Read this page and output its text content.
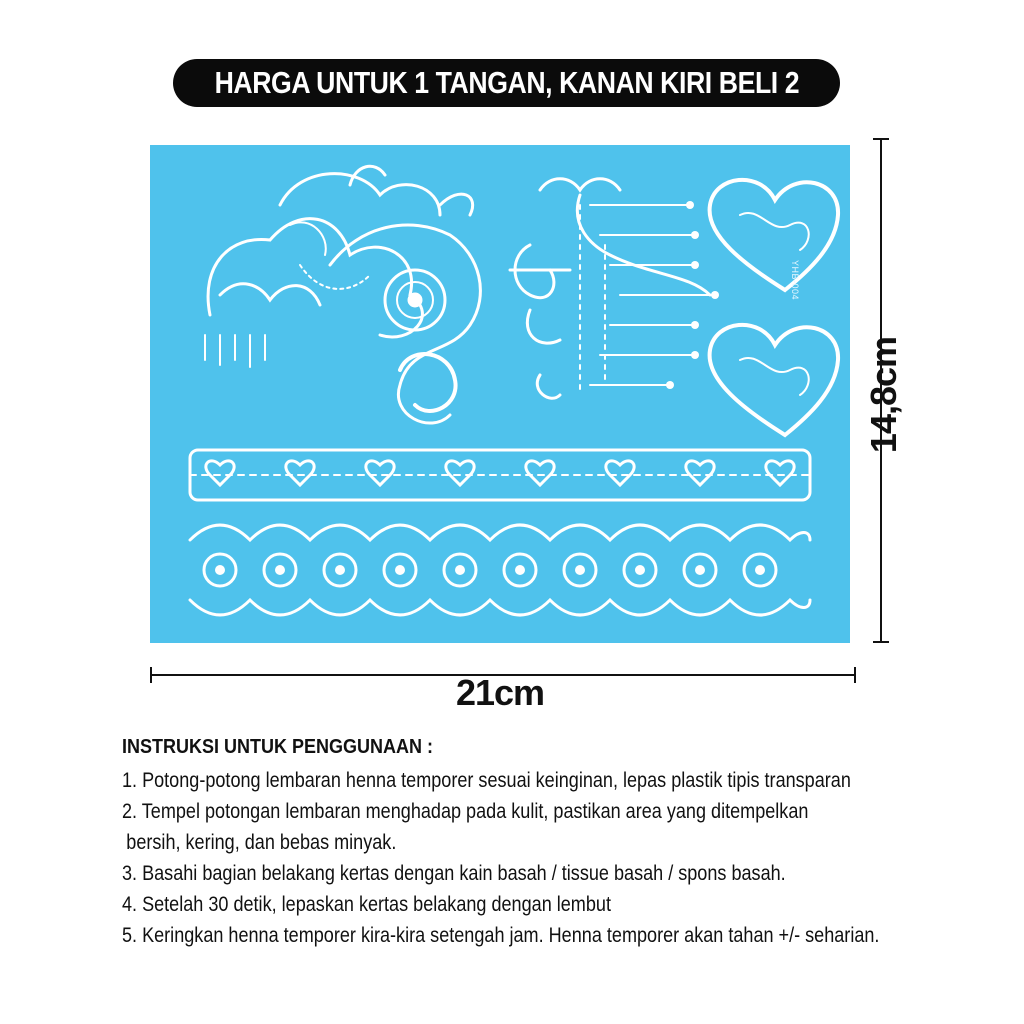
HARGA UNTUK 1 TANGAN, KANAN KIRI BELI 2
YHB-004
21cm
14,8cm

INSTRUKSI UNTUK PENGGUNAAN :

1. Potong-potong lembaran henna temporer sesuai keinginan, lepas plastik tipis transparan

2. Tempel potongan lembaran menghadap pada kulit, pastikan area yang ditempelkan

bersih, kering, dan bebas minyak.

3. Basahi bagian belakang kertas dengan kain basah / tissue basah / spons basah.

4. Setelah 30 detik, lepaskan kertas belakang dengan lembut

5. Keringkan henna temporer kira-kira setengah jam. Henna temporer akan tahan +/- seharian.
